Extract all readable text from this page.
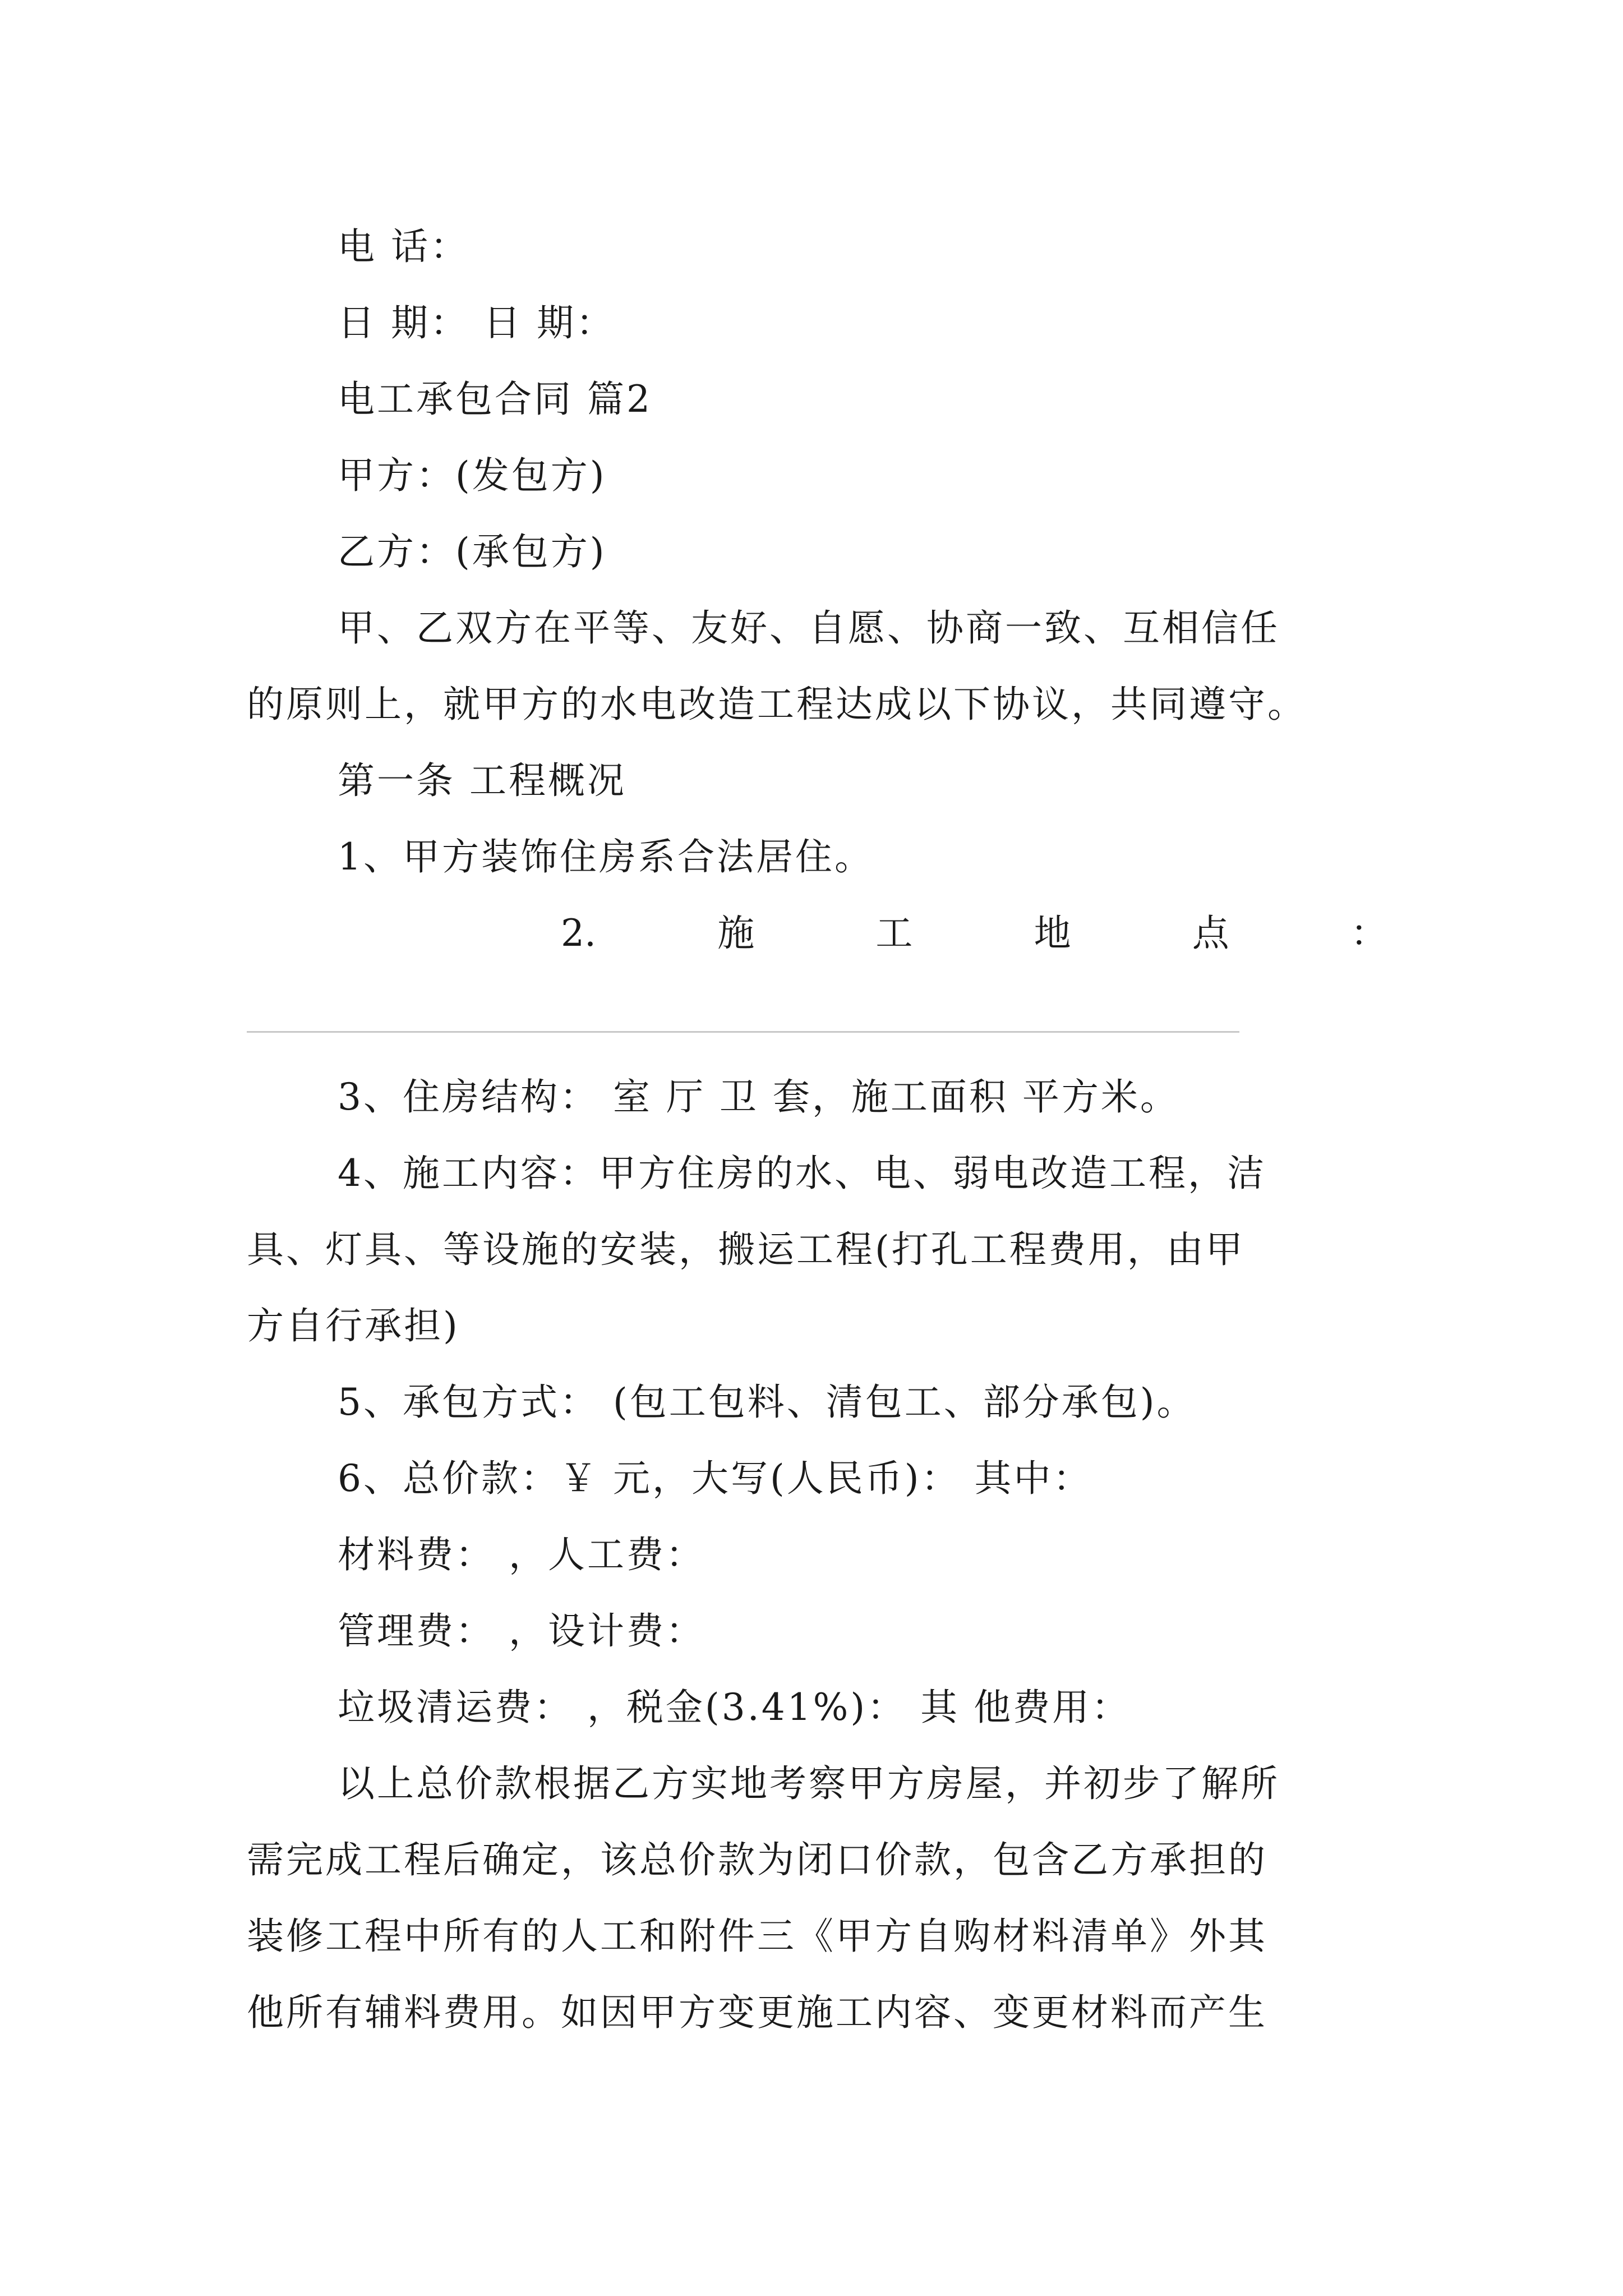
电 话：
日 期： 日 期：
电工承包合同 篇2
甲方：(发包方)
乙方：(承包方)
甲、乙双方在平等、友好、自愿、协商一致、互相信任
的原则上，就甲方的水电改造工程达成以下协议，共同遵守。
第一条 工程概况
1、甲方装饰住房系合法居住。
2.	施	工	地	点	：
3、住房结构： 室 厅 卫 套，施工面积 平方米。
4、施工内容：甲方住房的水、电、弱电改造工程，洁
具、灯具、等设施的安装，搬运工程(打孔工程费用，由甲
方自行承担)
5、承包方式： (包工包料、清包工、部分承包)。
6、总价款：￥ 元，大写(人民币)： 其中：
材料费： ，人工费：
管理费： ，设计费：
垃圾清运费： ，税金(3.41%)： 其 他费用：
以上总价款根据乙方实地考察甲方房屋，并初步了解所
需完成工程后确定，该总价款为闭口价款，包含乙方承担的
装修工程中所有的人工和附件三《甲方自购材料清单》外其
他所有辅料费用。如因甲方变更施工内容、变更材料而产生
